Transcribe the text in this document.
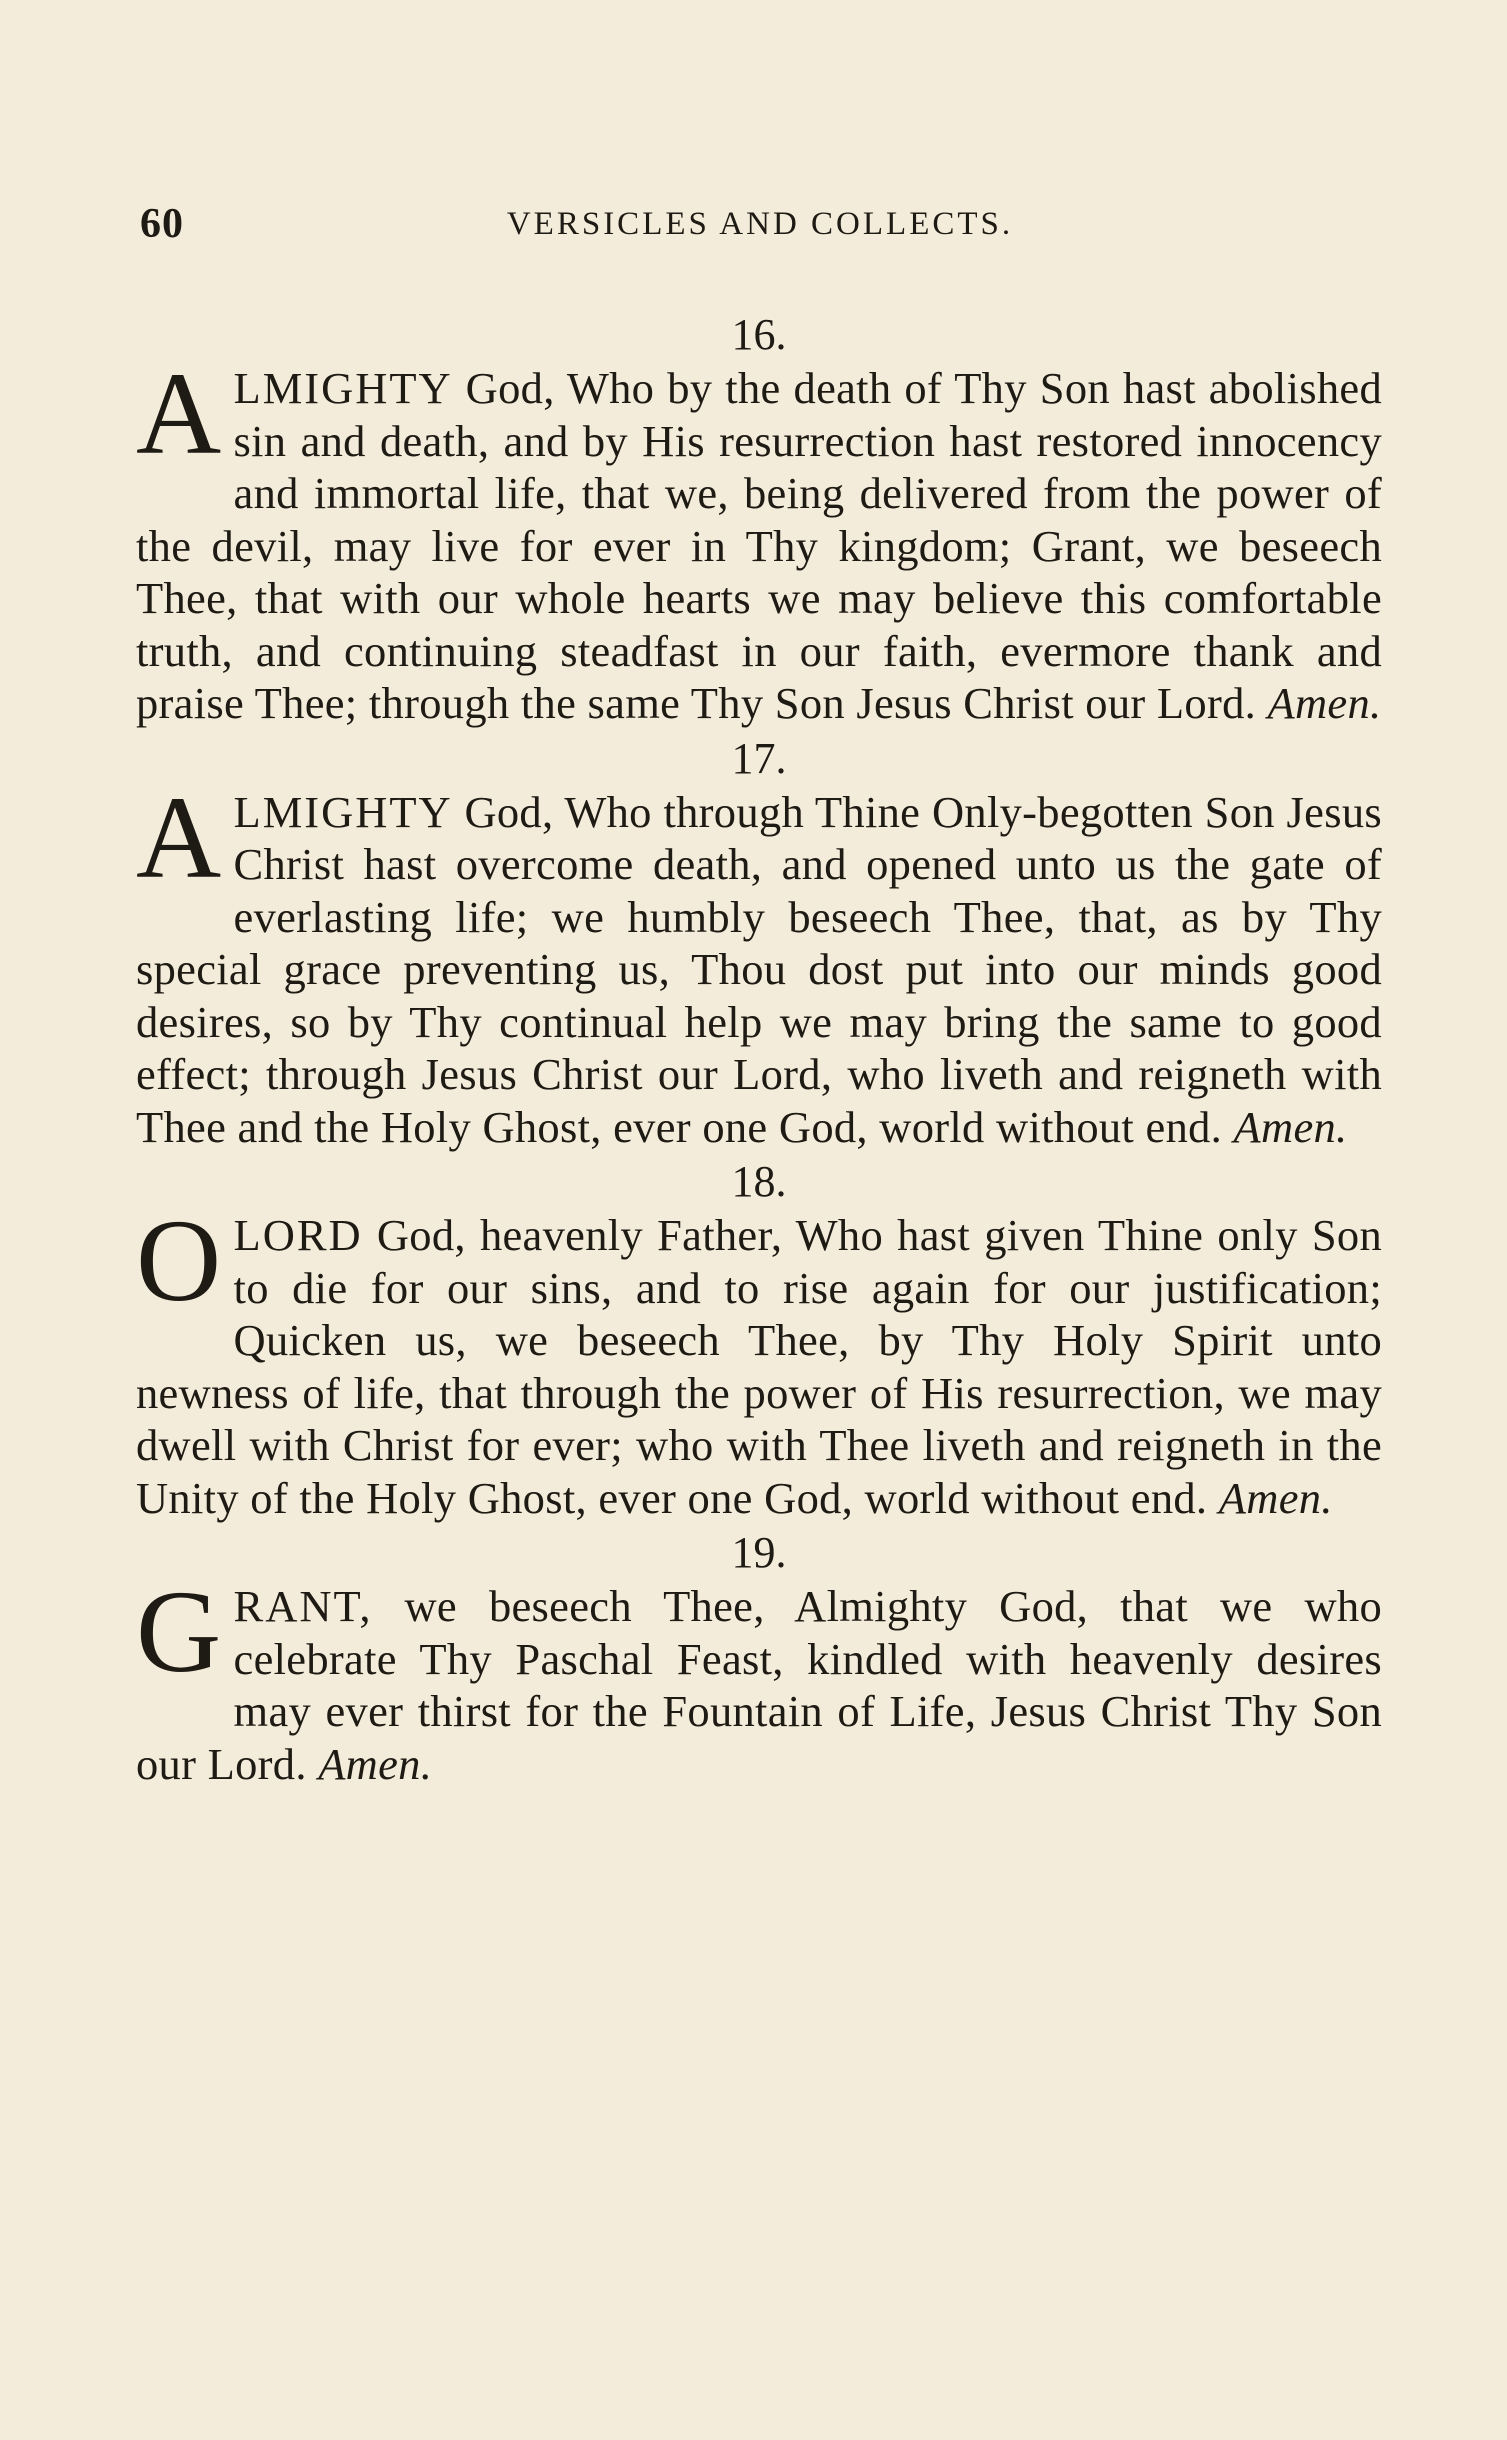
60	VERSICLES AND COLLECTS.
16.

ALMIGHTY God, Who by the death of Thy Son hast abolished sin and death, and by His resurrection hast restored innocency and immortal life, that we, being delivered from the power of the devil, may live for ever in Thy kingdom; Grant, we beseech Thee, that with our whole hearts we may believe this comfortable truth, and continuing steadfast in our faith, evermore thank and praise Thee; through the same Thy Son Jesus Christ our Lord. Amen.

17.

ALMIGHTY God, Who through Thine Only-begotten Son Jesus Christ hast overcome death, and opened unto us the gate of everlasting life; we humbly beseech Thee, that, as by Thy special grace preventing us, Thou dost put into our minds good desires, so by Thy continual help we may bring the same to good effect; through Jesus Christ our Lord, who liveth and reigneth with Thee and the Holy Ghost, ever one God, world without end. Amen.

18.

OLORD God, heavenly Father, Who hast given Thine only Son to die for our sins, and to rise again for our justification; Quicken us, we beseech Thee, by Thy Holy Spirit unto newness of life, that through the power of His resurrection, we may dwell with Christ for ever; who with Thee liveth and reigneth in the Unity of the Holy Ghost, ever one God, world without end. Amen.

19.

GRANT, we beseech Thee, Almighty God, that we who celebrate Thy Paschal Feast, kindled with heavenly desires may ever thirst for the Fountain of Life, Jesus Christ Thy Son our Lord. Amen.
